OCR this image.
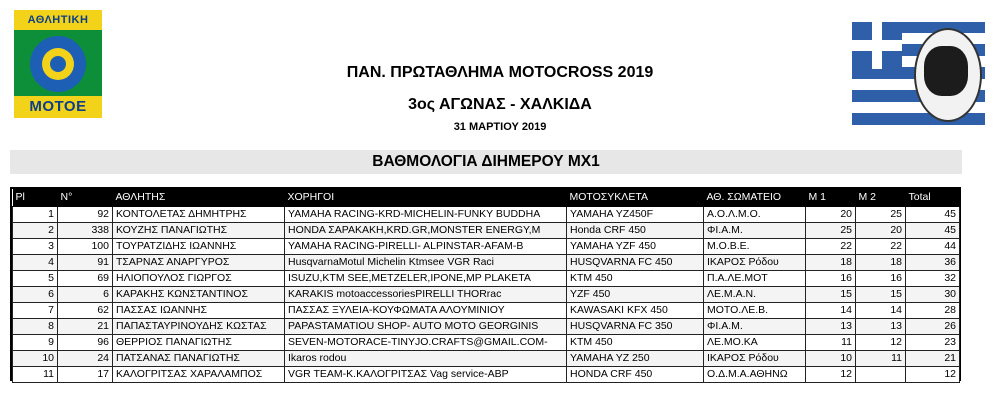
ΑΘΛΗΤΙΚΗ
MOTOE
ΠΑΝ. ΠΡΩΤΑΘΛΗΜΑ MOTOCROSS 2019
3ος ΑΓΩΝΑΣ - ΧΑΛΚΙΔΑ
31 ΜΑΡΤΙΟΥ 2019
ΒΑΘΜΟΛΟΓΙΑ ΔΙΗΜΕΡΟΥ MX1
Pl	N°	ΑΘΛΗΤΗΣ	ΧΟΡΗΓΟΙ	ΜΟΤΟΣΥΚΛΕΤΑ	ΑΘ. ΣΩΜΑΤΕΙΟ	M 1	M 2	Total
1	92	ΚΟΝΤΟΛΕΤΑΣ ΔΗΜΗΤΡΗΣ	YAMAHA RACING-KRD-MICHELIN-FUNKY BUDDHA	YAMAHA YZ450F	Α.Ο.Λ.Μ.Ο.	20	25	45
2	338	ΚΟΥΖΗΣ ΠΑΝΑΓΙΩΤΗΣ	HONDA ΣΑΡΑΚΑΚΗ,KRD.GR,MONSTER ENERGY,M	Honda CRF 450	ΦΙ.Α.Μ.	25	20	45
3	100	ΤΟΥΡΑΤΖΙΔΗΣ ΙΩΑΝΝΗΣ	YAMAHA RACING-PIRELLI- ALPINSTAR-AFAM-B	YAMAHA YZF 450	Μ.Ο.Β.Ε.	22	22	44
4	91	ΤΣΑΡΝΑΣ ΑΝΑΡΓΥΡΟΣ	HusqvarnaMotul Michelin Ktmsee VGR Raci	HUSQVARNA FC 450	ΙΚΑΡΟΣ Ρόδου	18	18	36
5	69	ΗΛΙΟΠΟΥΛΟΣ ΓΙΩΡΓΟΣ	ISUZU,KTM SEE,METZELER,IPONE,MP PLAKETA	KTM 450	Π.Α.ΛΕ.ΜΟΤ	16	16	32
6	6	ΚΑΡΑΚΗΣ ΚΩΝΣΤΑΝΤΙΝΟΣ	KARAKIS motoaccessoriesPIRELLI THORrac	YZF 450	ΛΕ.Μ.Α.Ν.	15	15	30
7	62	ΠΑΣΣΑΣ ΙΩΑΝΝΗΣ	ΠΑΣΣΑΣ ΞΥΛΕΙΑ-ΚΟΥΦΩΜΑΤΑ ΑΛΟΥΜΙΝΙΟΥ	KAWASAKI KFX 450	ΜΟΤΟ.ΛΕ.Β.	14	14	28
8	21	ΠΑΠΑΣΤΑΥΡΙΝΟΥΔΗΣ ΚΩΣΤΑΣ	PAPASTAMATIOU SHOP- AUTO MOTO GEORGINIS	HUSQVARNA FC 350	ΦΙ.Α.Μ.	13	13	26
9	96	ΘΕΡΡΙΟΣ ΠΑΝΑΓΙΩΤΗΣ	SEVEN-MOTORACE-TINYJO.CRAFTS@GMAIL.COM-	KTM 450	ΛΕ.ΜΟ.ΚΑ	11	12	23
10	24	ΠΑΤΣΑΝΑΣ ΠΑΝΑΓΙΩΤΗΣ	Ikaros rodou	YAMAHA YZ 250	ΙΚΑΡΟΣ Ρόδου	10	11	21
11	17	ΚΑΛΟΓΡΙΤΣΑΣ ΧΑΡΑΛΑΜΠΟΣ	VGR TEAM-Κ.ΚΑΛΟΓΡΙΤΣΑΣ Vag service-ABP	HONDA CRF 450	Ο.Δ.Μ.Α.ΑΘΗΝΩ	12		12
